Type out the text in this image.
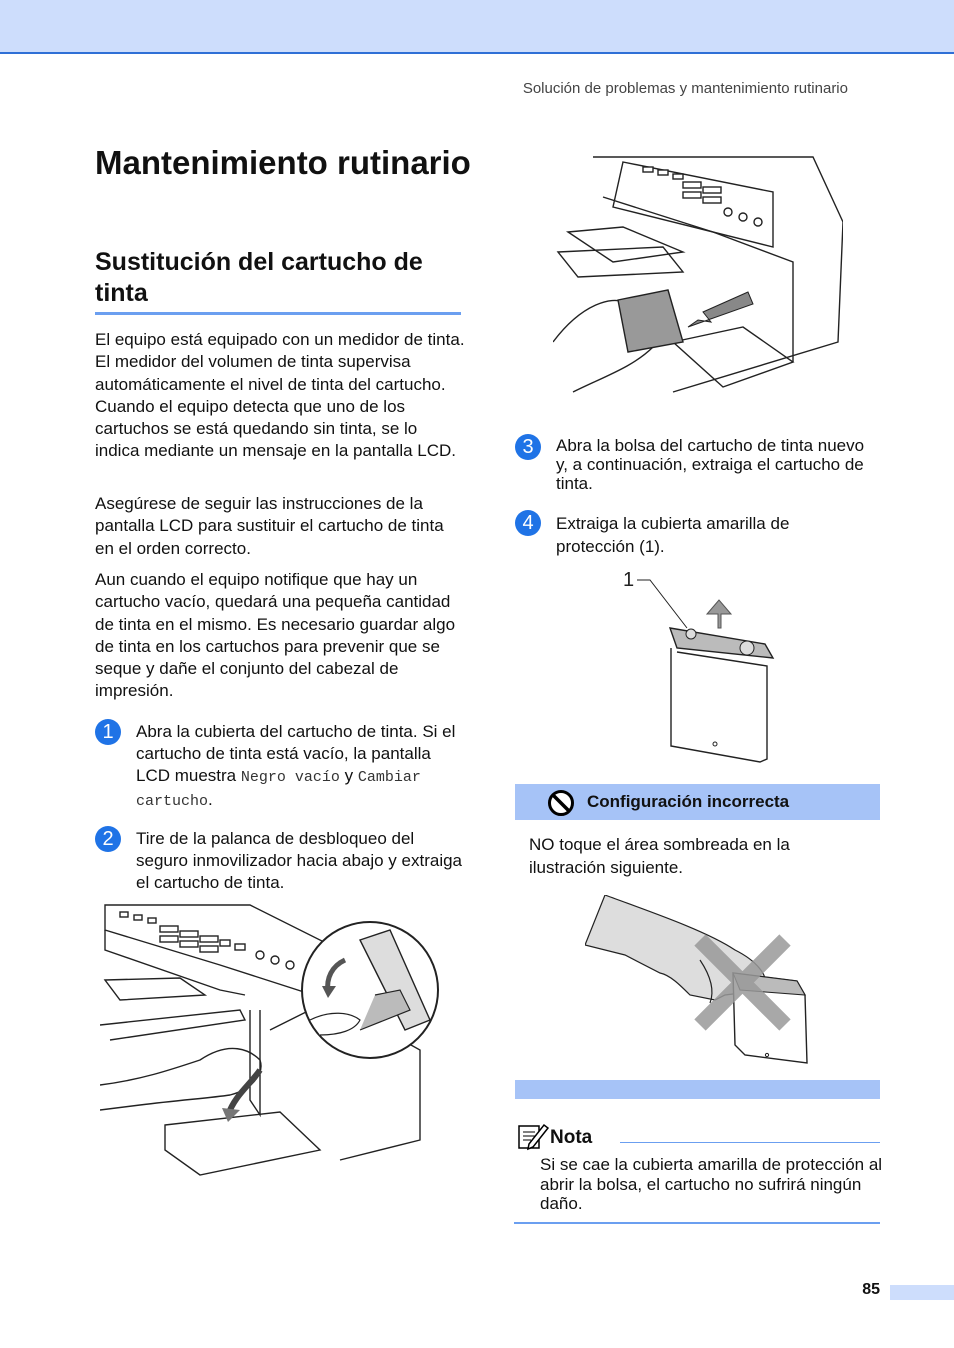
Solución de problemas y mantenimiento rutinario
Mantenimiento rutinario
Sustitución del cartucho de tinta

El equipo está equipado con un medidor de tinta. El medidor del volumen de tinta supervisa automáticamente el nivel de tinta del cartucho. Cuando el equipo detecta que uno de los cartuchos se está quedando sin tinta, se lo indica mediante un mensaje en la pantalla LCD.

Asegúrese de seguir las instrucciones de la pantalla LCD para sustituir el cartucho de tinta en el orden correcto.

Aun cuando el equipo notifique que hay un cartucho vacío, quedará una pequeña cantidad de tinta en el mismo. Es necesario guardar algo de tinta en los cartuchos para prevenir que se seque y dañe el conjunto del cabezal de impresión.

1	Abra la cubierta del cartucho de tinta. Si el cartucho de tinta está vacío, la pantalla LCD muestra Negro vacío y Cambiar cartucho.

2	Tire de la palanca de desbloqueo del seguro inmovilizador hacia abajo y extraiga el cartucho de tinta.

3	Abra la bolsa del cartucho de tinta nuevo y, a continuación, extraiga el cartucho de tinta.

4	Extraiga la cubierta amarilla de protección (1).

1
Configuración incorrecta

NO toque el área sombreada en la ilustración siguiente.

Nota

Si se cae la cubierta amarilla de protección al abrir la bolsa, el cartucho no sufrirá ningún daño.

85
